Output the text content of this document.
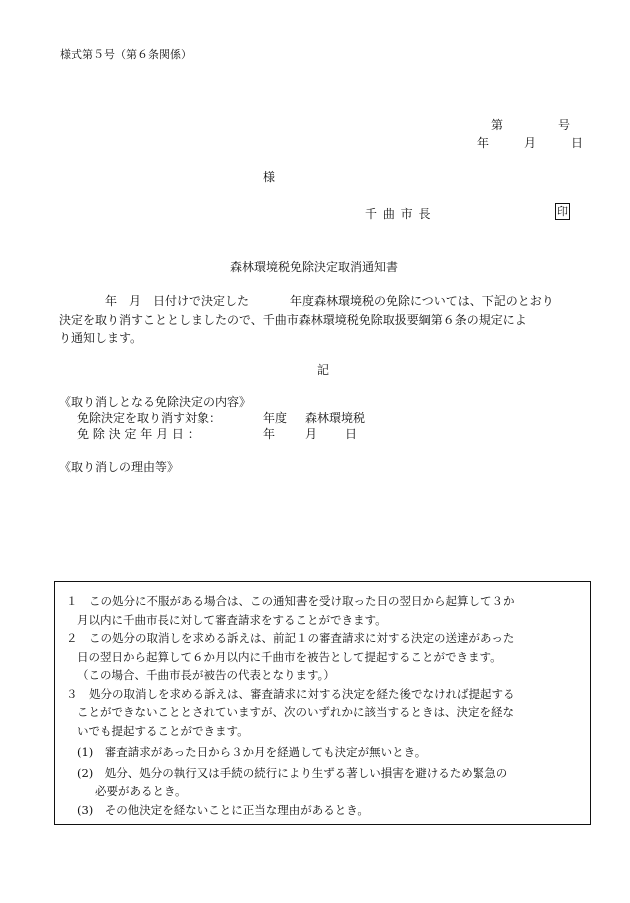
様式第５号（第６条関係）
第	号
年	月	日
様
千 曲 市 長	印
森林環境税免除決定取消通知書
年　月　日付けで決定した	年度森林環境税の免除については、下記のとおり
決定を取り消すこととしましたので、千曲市森林環境税免除取扱要綱第６条の規定によ
り通知します。
記
《取り消しとなる免除決定の内容》
免除決定を取り消す対象：	年度 森林環境税
免 除 決 定 年 月 日 ：	年 月 日
《取り消しの理由等》
１　この処分に不服がある場合は、この通知書を受け取った日の翌日から起算して３か
月以内に千曲市長に対して審査請求をすることができます。
２　この処分の取消しを求める訴えは、前記１の審査請求に対する決定の送達があった
日の翌日から起算して６か月以内に千曲市を被告として提起することができます。
（この場合、千曲市長が被告の代表となります。）
３　処分の取消しを求める訴えは、審査請求に対する決定を経た後でなければ提起する
ことができないこととされていますが、次のいずれかに該当するときは、決定を経な
いでも提起することができます。
(1)　審査請求があった日から３か月を経過しても決定が無いとき。
(2)　処分、処分の執行又は手続の続行により生ずる著しい損害を避けるため緊急の
必要があるとき。
(3)　その他決定を経ないことに正当な理由があるとき。
